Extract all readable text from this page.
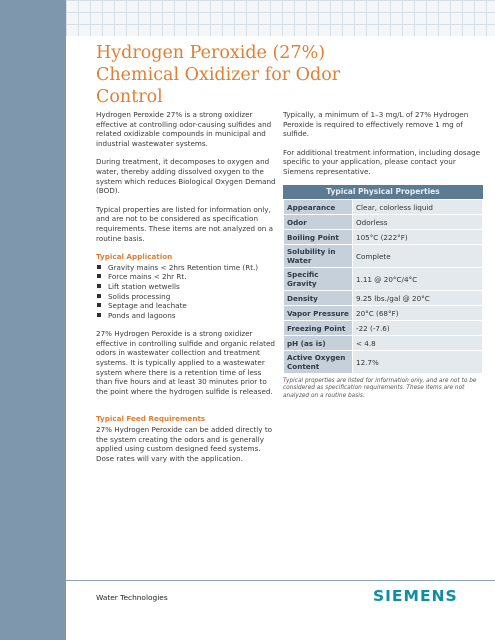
Hydrogen Peroxide (27%) Chemical Oxidizer for Odor Control

Hydrogen Peroxide 27% is a strong oxidizer effective at controlling odor-causing sulfides and related oxidizable compounds in municipal and industrial wastewater systems.

During treatment, it decomposes to oxygen and water, thereby adding dissolved oxygen to the system which reduces Biological Oxygen Demand (BOD).

Typical properties are listed for information only, and are not to be considered as specification requirements. These items are not analyzed on a routine basis.

Typical Application
Gravity mains < 2hrs Retention time (Rt.)
Force mains < 2hr Rt.
Lift station wetwells
Solids processing
Septage and leachate
Ponds and lagoons

27% Hydrogen Peroxide is a strong oxidizer effective in controlling sulfide and organic related odors in wastewater collection and treatment systems. It is typically applied to a wastewater system where there is a retention time of less than five hours and at least 30 minutes prior to the point where the hydrogen sulfide is released.

Typical Feed Requirements

27% Hydrogen Peroxide can be added directly to the system creating the odors and is generally applied using custom designed feed systems. Dose rates will vary with the application.

Typically, a minimum of 1–3 mg/L of 27% Hydrogen Peroxide is required to effectively remove 1 mg of sulfide.

For additional treatment information, including dosage specific to your application, please contact your Siemens representative.

Typical Physical Properties
Appearance	Clear, colorless liquid
Odor	Odorless
Boiling Point	105°C (222°F)
Solubility in Water	Complete
Specific Gravity	1.11 @ 20°C/4°C
Density	9.25 lbs./gal @ 20°C
Vapor Pressure	20°C (68°F)
Freezing Point	-22 (-7.6)
pH (as is)	< 4.8
Active Oxygen Content	12.7%
Typical properties are listed for information only, and are not to be considered as specification requirements. These items are not analyzed on a routine basis.
Water Technologies	SIEMENS
